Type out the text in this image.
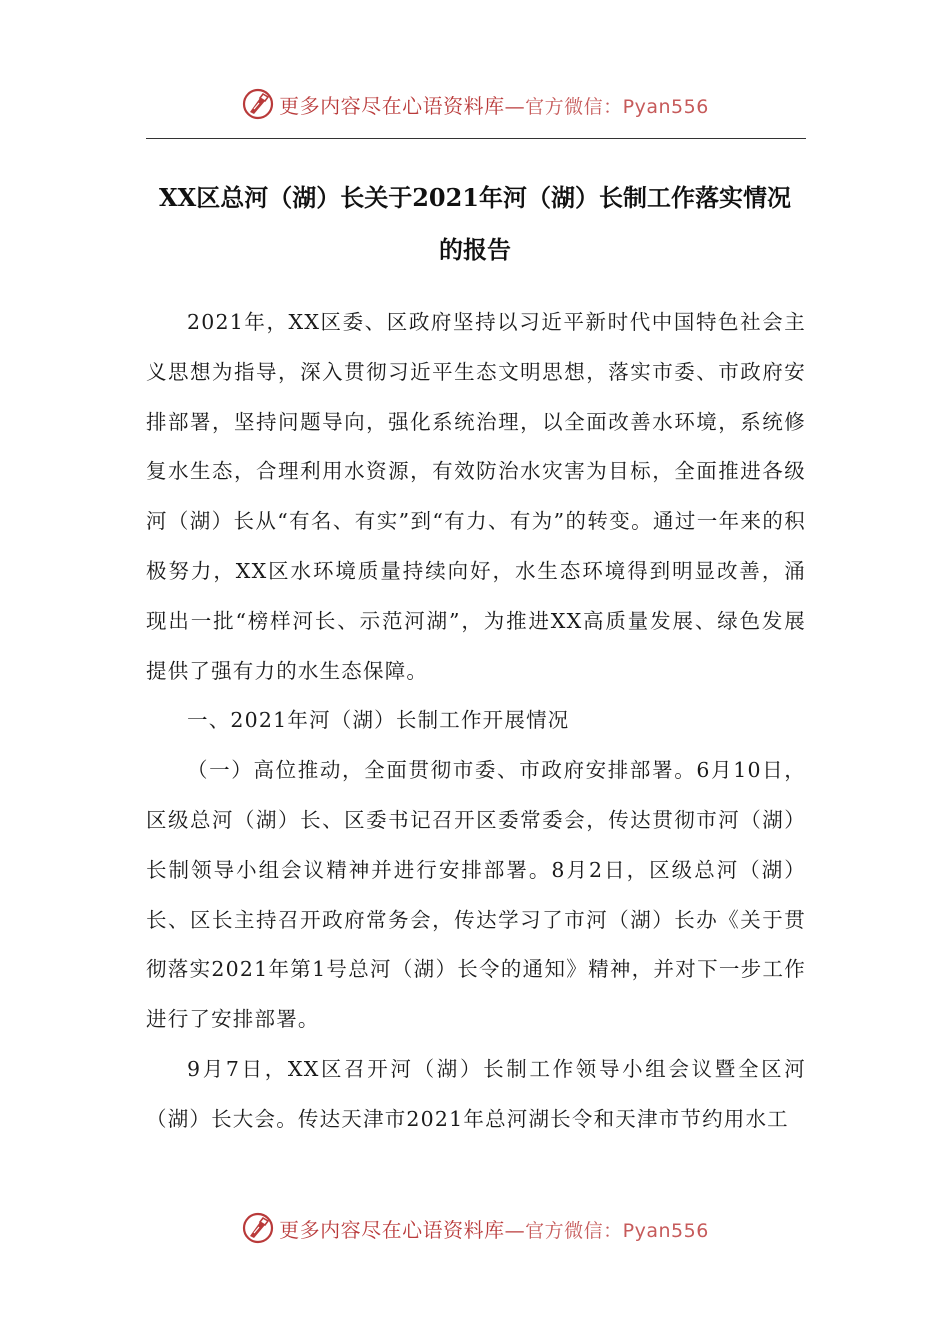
更多内容尽在心语资料库—官方微信：Pyan556
XX区总河（湖）长关于2021年河（湖）长制工作落实情况
的报告

2021年，XX区委、区政府坚持以习近平新时代中国特色社会主义思想为指导，深入贯彻习近平生态文明思想，落实市委、市政府安排部署，坚持问题导向，强化系统治理，以全面改善水环境，系统修复水生态，合理利用水资源，有效防治水灾害为目标，全面推进各级河（湖）长从“有名、有实”到“有力、有为”的转变。通过一年来的积极努力，XX区水环境质量持续向好，水生态环境得到明显改善，涌现出一批“榜样河长、示范河湖”，为推进XX高质量发展、绿色发展提供了强有力的水生态保障。

一、2021年河（湖）长制工作开展情况

（一）高位推动，全面贯彻市委、市政府安排部署。6月10日，区级总河（湖）长、区委书记召开区委常委会，传达贯彻市河（湖）长制领导小组会议精神并进行安排部署。8月2日，区级总河（湖）长、区长主持召开政府常务会，传达学习了市河（湖）长办《关于贯彻落实2021年第1号总河（湖）长令的通知》精神，并对下一步工作进行了安排部署。

9月7日，XX区召开河（湖）长制工作领导小组会议暨全区河（湖）长大会。传达天津市2021年总河湖长令和天津市节约用水工

更多内容尽在心语资料库—官方微信：Pyan556
